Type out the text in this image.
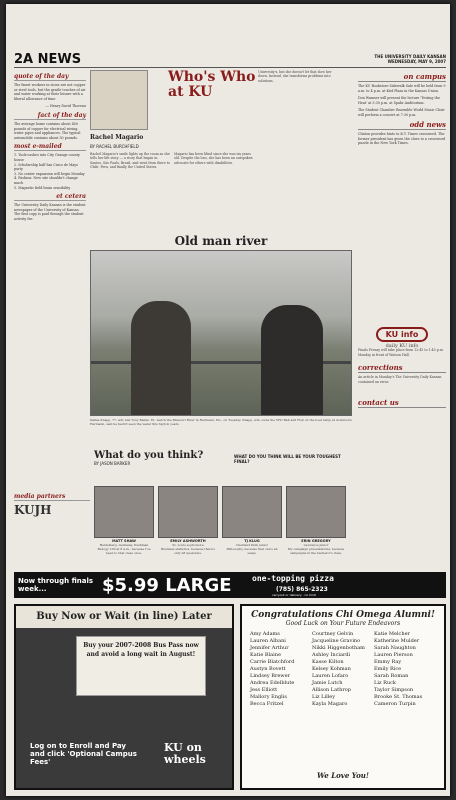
2A NEWS	THE UNIVERSITY DAILY KANSAN
WEDNESDAY, MAY 9, 2007
quote of the day
The finest workers in stone are not copper or steel tools, but the gentle touches of air and water working at their leisure with a liberal allowance of time.
— Henry David Thoreau
fact of the day
The average home contains about 400 pounds of copper for electrical wiring, water pipes and appliances. The typical automobile contains about 50 pounds.
most e-mailed
1. Tuck-cashes into City Orange county house
2. Scholarship half has Cinco de Mayo party
3. No center expansion will begin Monday
4. Fashion: New site shouldn't change much
5. Magnetic field brain sensibility
et cetera
The University Daily Kansan is the student newspaper of the University of Kansas. The first copy is paid through the student activity fee.
Who's Who at KU
Rachel Magario
BY RACHEL BURCHFIELD
Rachel Magario's smile lights up the room as she tells her life story — a story that began in Santos, São Paulo, Brazil, and went from there to Chile, Peru, and finally the United States.
Magario has been blind since she was six years old. Despite the loss, she has been an outspoken advocate for others with disabilities.
University's, but she doesn't let that slow her down. Instead, she transforms problems into solutions.	on campus
The KU Bookstore Sidewalk Sale will be held from 9 a.m. to 4 p.m. at Kief Plaza in the Kansas Union.
Don Wamser will present the lecture 'Testing the Heat' at 3:30 p.m. at Spahr Auditorium.
The Student Chamber Ensemble World Music Choir will perform a concert at 7:30 p.m.
odd news
Clinton provides hints to K.Y. Times crossword. The former president has given the clues to a crossword puzzle in the New York Times.
KU info
daily KU info
Finals Frenzy will take place from 12:45 to 1:45 p.m. Monday in front of Watson Hall.
corrections
An article in Monday's The University Daily Kansan contained an error.
contact us
Old man river
Dallas Knapp, 77, left, and Tony Banks, 81, watch the Missouri River in Hermann, Mo., on Tuesday. Knapp, who owns the VFD Bait and Fish on the boat ramp at downtown Hermann, said he hadn't seen the water this high in years.
What do you think?
BY JASON BARKER
WHAT DO YOU THINK WILL BE YOUR TOUGHEST FINAL?
MATT SHAW
Heidelberg, Germany, freshman
Biology 100 at 8 a.m., because I've been to that class once.
EMILY ASHWORTH
St. Louis sophomore
Business statistics, because there's only 28 questions.
TJ KLUG
Overland Park junior
Philosophy, because that one's an essay.
ERIN GREGORY
Lawrence junior
My campaign presentations, because campaigns in the bachelor's class.
media partners
KUJH
Now through finals week...	$5.99 LARGE	one-topping pizza
(785) 865-2323
carryout or delivery · no limit
Buy Now or Wait (in line) Later
Buy your 2007-2008 Bus Pass now and avoid a long wait in August!
Log on to Enroll and Pay and click 'Optional Campus Fees'
KU on wheels
Congratulations Chi Omega Alumni!
Good Luck on Your Future Endeavors
Amy Adams	Courtney Gelvin	Katie Melcher
Lauren Albani	Jacqueline Gravino	Katherine Mulder
Jennifer Arthur	Nikki Higgenbotham	Sarah Naughton
Katie Blaine	Ashley Inciardi	Lauren Pierson
Carrie Blatchford	Kasse Kilton	Emmy Ray
Austyn Bovett	Kelsey Kohman	Emily Rice
Lindsey Brewer	Lauren Lofaro	Sarah Roman
Andrea Edelblute	Jamie Lutch	Liz Ruck
Jess Elliott	Allison Lathrop	Taylor Simpson
Mallory Englis	Liz Lilley	Brooke St. Thomas
Becca Fritzel	Kayla Magaro	Cameron Turpin
We Love You!
